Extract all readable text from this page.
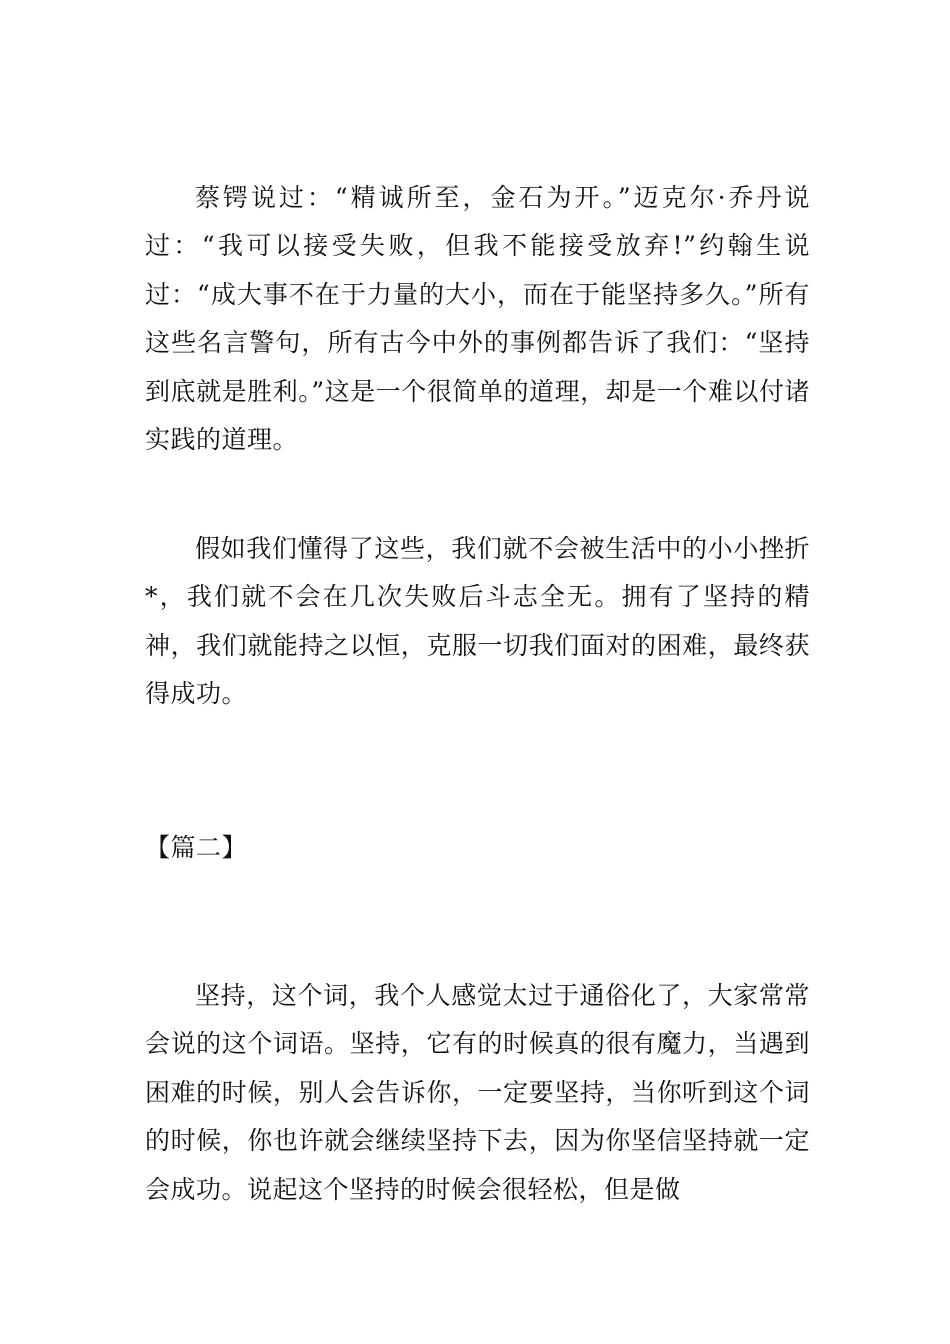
蔡锷说过：“精诚所至，金石为开。”迈克尔·乔丹说过：“我可以接受失败，但我不能接受放弃!”约翰生说过：“成大事不在于力量的大小，而在于能坚持多久。”所有这些名言警句，所有古今中外的事例都告诉了我们：“坚持到底就是胜利。”这是一个很简单的道理，却是一个难以付诸实践的道理。

假如我们懂得了这些，我们就不会被生活中的小小挫折*，我们就不会在几次失败后斗志全无。拥有了坚持的精神，我们就能持之以恒，克服一切我们面对的困难，最终获得成功。

【篇二】

坚持，这个词，我个人感觉太过于通俗化了，大家常常会说的这个词语。坚持，它有的时候真的很有魔力，当遇到困难的时候，别人会告诉你，一定要坚持，当你听到这个词的时候，你也许就会继续坚持下去，因为你坚信坚持就一定会成功。说起这个坚持的时候会很轻松，但是做
